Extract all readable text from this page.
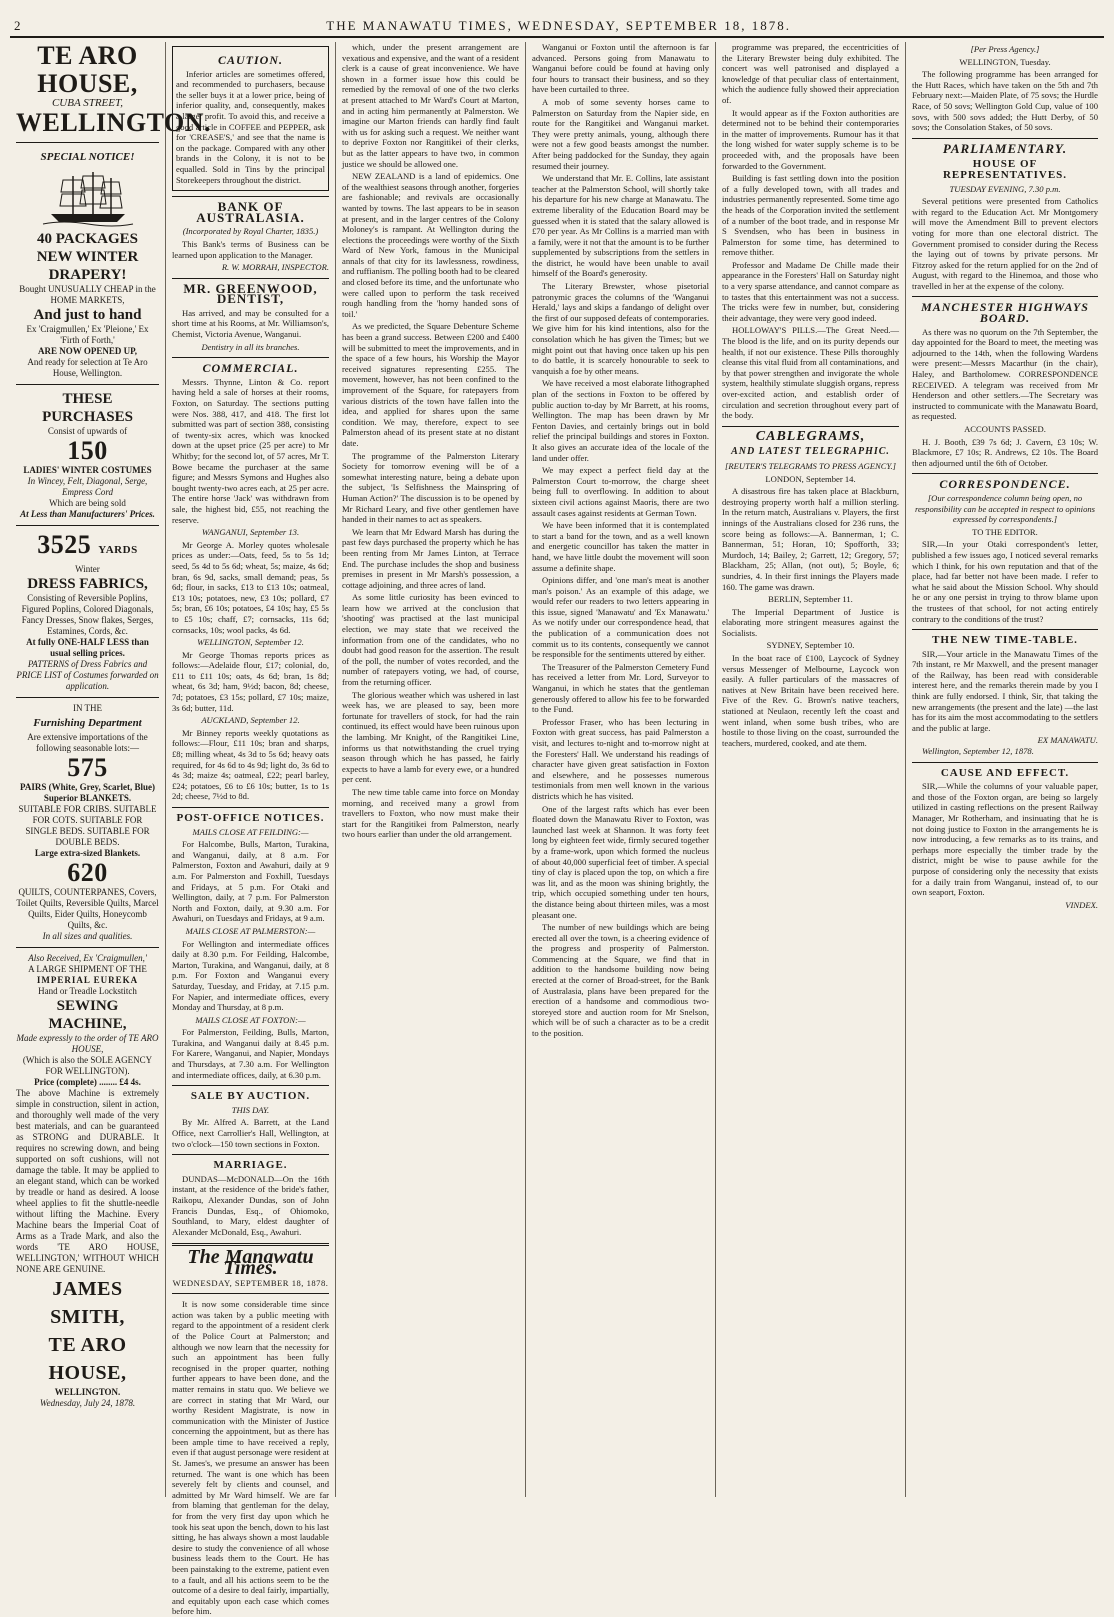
2	THE MANAWATU TIMES, WEDNESDAY, SEPTEMBER 18, 1878.

TE ARO HOUSE,
CUBA STREET,
WELLINGTON.
SPECIAL NOTICE!
40 PACKAGES
NEW WINTER DRAPERY!
Bought UNUSUALLY CHEAP in the HOME MARKETS,
And just to hand
Ex 'Craigmullen,' Ex 'Pleione,' Ex 'Firth of Forth,'
ARE NOW OPENED UP,
And ready for selection at Te Aro House, Wellington.
THESE PURCHASES
Consist of upwards of
150
LADIES' WINTER COSTUMES
In Wincey, Felt, Diagonal, Serge, Empress Cord
Which are being sold
At Less than Manufacturers' Prices.
3525 YARDS
Winter
DRESS FABRICS,
Consisting of Reversible Poplins, Figured Poplins, Colored Diagonals, Fancy Dresses, Snow flakes, Serges, Estamines, Cords, &c.
At fully ONE-HALF LESS than usual selling prices.
PATTERNS of Dress Fabrics and PRICE LIST of Costumes forwarded on application.
IN THE
Furnishing Department
Are extensive importations of the following seasonable lots:—
575
PAIRS (White, Grey, Scarlet, Blue) Superior BLANKETS.
SUITABLE FOR CRIBS. SUITABLE FOR COTS. SUITABLE FOR SINGLE BEDS. SUITABLE FOR DOUBLE BEDS.
Large extra-sized Blankets.
620
QUILTS, COUNTERPANES, Covers, Toilet Quilts, Reversible Quilts, Marcel Quilts, Eider Quilts, Honeycomb Quilts, &c.
In all sizes and qualities.
Also Received, Ex 'Craigmullen,'
A LARGE SHIPMENT OF THE
IMPERIAL EUREKA
Hand or Treadle Lockstitch
SEWING MACHINE,
Made expressly to the order of TE ARO HOUSE,
(Which is also the SOLE AGENCY FOR WELLINGTON).
Price (complete) ........ £4 4s.
The above Machine is extremely simple in construction, silent in action, and thoroughly well made of the very best materials, and can be guaranteed as STRONG and DURABLE. It requires no screwing down, and being supported on soft cushions, will not damage the table. It may be applied to an elegant stand, which can be worked by treadle or hand as desired. A loose wheel applies to fit the shuttle-needle without lifting the Machine. Every Machine bears the Imperial Coat of Arms as a Trade Mark, and also the words 'TE ARO HOUSE, WELLINGTON,' WITHOUT WHICH NONE ARE GENUINE.
JAMES SMITH,
TE ARO HOUSE,
WELLINGTON.
Wednesday, July 24, 1878.
CAUTION.
Inferior articles are sometimes offered, and recommended to purchasers, because the seller buys it at a lower price, being of inferior quality, and, consequently, makes a larger profit. To avoid this, and receive a good article in COFFEE and PEPPER, ask for 'CREASE'S,' and see that the name is on the package. Compared with any other brands in the Colony, it is not to be equalled. Sold in Tins by the principal Storekeepers throughout the district.
BANK OF AUSTRALASIA.
(Incorporated by Royal Charter, 1835.)
This Bank's terms of Business can be learned upon application to the Manager.
R. W. MORRAH, INSPECTOR.
MR. GREENWOOD, DENTIST,
Has arrived, and may be consulted for a short time at his Rooms, at Mr. Williamson's, Chemist, Victoria Avenue, Wanganui.
Dentistry in all its branches.
COMMERCIAL.
Messrs. Thynne, Linton & Co. report having held a sale of horses at their rooms, Foxton, on Saturday. The sections putting were Nos. 388, 417, and 418. The first lot submitted was part of section 388, consisting of twenty-six acres, which was knocked down at the upset price (25 per acre) to Mr Whitby; for the second lot, of 57 acres, Mr T. Bowe became the purchaser at the same figure; and Messrs Symons and Hughes also bought twenty-two acres each, at 25 per acre. The entire horse 'Jack' was withdrawn from sale, the highest bid, £55, not reaching the reserve.
WANGANUI, September 13.
Mr George A. Morley quotes wholesale prices as under:—Oats, feed, 5s to 5s 1d; seed, 5s 4d to 5s 6d; wheat, 5s; maize, 4s 6d; bran, 6s 9d, sacks, small demand; peas, 5s 6d; flour, in sacks, £13 to £13 10s; oatmeal, £13 10s; potatoes, new, £3 10s; pollard, £7 5s; bran, £6 10s; potatoes, £4 10s; hay, £5 5s to £5 10s; chaff, £7; cornsacks, 11s 6d; cornsacks, 10s; wool packs, 4s 6d.
WELLINGTON, September 12.
Mr George Thomas reports prices as follows:—Adelaide flour, £17; colonial, do, £11 to £11 10s; oats, 4s 6d; bran, 1s 8d; wheat, 6s 3d; ham, 9½d; bacon, 8d; cheese, 7d; potatoes, £3 15s; pollard, £7 10s; maize, 3s 6d; butter, 11d.
AUCKLAND, September 12.
Mr Binney reports weekly quotations as follows:—Flour, £11 10s; bran and sharps, £8; milling wheat, 4s 3d to 5s 6d; heavy oats required, for 4s 6d to 4s 9d; light do, 3s 6d to 4s 3d; maize 4s; oatmeal, £22; pearl barley, £24; potatoes, £6 to £6 10s; butter, 1s to 1s 2d; cheese, 7½d to 8d.
POST-OFFICE NOTICES.
MAILS CLOSE AT FEILDING:—
For Halcombe, Bulls, Marton, Turakina, and Wanganui, daily, at 8 a.m. For Palmerston, Foxton and Awahuri, daily at 9 a.m. For Palmerston and Foxhill, Tuesdays and Fridays, at 5 p.m. For Otaki and Wellington, daily, at 7 p.m. For Palmerston North and Foxton, daily, at 9.30 a.m. For Awahuri, on Tuesdays and Fridays, at 9 a.m.
MAILS CLOSE AT PALMERSTON:—
For Wellington and intermediate offices daily at 8.30 p.m. For Feilding, Halcombe, Marton, Turakina, and Wanganui, daily, at 8 p.m. For Foxton and Wanganui every Saturday, Tuesday, and Friday, at 7.15 p.m. For Napier, and intermediate offices, every Monday and Thursday, at 8 p.m.
MAILS CLOSE AT FOXTON:—
For Palmerston, Feilding, Bulls, Marton, Turakina, and Wanganui daily at 8.45 p.m. For Karere, Wanganui, and Napier, Mondays and Thursdays, at 7.30 a.m. For Wellington and intermediate offices, daily, at 6.30 p.m.
SALE BY AUCTION.
THIS DAY.
By Mr. Alfred A. Barrett, at the Land Office, next Carrollier's Hall, Wellington, at two o'clock—150 town sections in Foxton.
MARRIAGE.
DUNDAS—McDONALD—On the 16th instant, at the residence of the bride's father, Raikopu, Alexander Dundas, son of John Francis Dundas, Esq., of Ohiomoko, Southland, to Mary, eldest daughter of Alexander McDonald, Esq., Awahuri.
The Manawatu Times.
WEDNESDAY, SEPTEMBER 18, 1878.
It is now some considerable time since action was taken by a public meeting with regard to the appointment of a resident clerk of the Police Court at Palmerston; and although we now learn that the necessity for such an appointment has been fully recognised in the proper quarter, nothing further appears to have been done, and the matter remains in statu quo. We believe we are correct in stating that Mr Ward, our worthy Resident Magistrate, is now in communication with the Minister of Justice concerning the appointment, but as there has been ample time to have received a reply, even if that august personage were resident at St. James's, we presume an answer has been returned. The want is one which has been severely felt by clients and counsel, and admitted by Mr Ward himself. We are far from blaming that gentleman for the delay, for from the very first day upon which he took his seat upon the bench, down to his last sitting, he has always shown a most laudable desire to study the convenience of all whose business leads them to the Court. He has been painstaking to the extreme, patient even to a fault, and all his actions seem to be the outcome of a desire to deal fairly, impartially, and equitably upon each case which comes before him.
which, under the present arrangement are vexatious and expensive, and the want of a resident clerk is a cause of great inconvenience. We have shown in a former issue how this could be remedied by the removal of one of the two clerks at present attached to Mr Ward's Court at Marton, and in acting him permanently at Palmerston. We imagine our Marton friends can hardly find fault with us for asking such a request. We neither want to deprive Foxton nor Rangitikei of their clerks, but as the latter appears to have two, in common justice we should be allowed one.
NEW ZEALAND is a land of epidemics. One of the wealthiest seasons through another, forgeries are fashionable; and revivals are occasionally wanted by towns. The last appears to be in season at present, and in the larger centres of the Colony Moloney's is rampant. At Wellington during the elections the proceedings were worthy of the Sixth Ward of New York, famous in the Municipal annals of that city for its lawlessness, rowdiness, and ruffianism. The polling booth had to be cleared and closed before its time, and the unfortunate who were called upon to perform the task received rough handling from the 'horny handed sons of toil.'
As we predicted, the Square Debenture Scheme has been a grand success. Between £200 and £400 will be submitted to meet the improvements, and in the space of a few hours, his Worship the Mayor received signatures representing £255. The movement, however, has not been confined to the improvement of the Square, for ratepayers from various districts of the town have fallen into the idea, and applied for shares upon the same condition. We may, therefore, expect to see Palmerston ahead of its present state at no distant date.
The programme of the Palmerston Literary Society for tomorrow evening will be of a somewhat interesting nature, being a debate upon the subject, 'Is Selfishness the Mainspring of Human Action?' The discussion is to be opened by Mr Richard Leary, and five other gentlemen have handed in their names to act as speakers.
We learn that Mr Edward Marsh has during the past few days purchased the property which he has been renting from Mr James Linton, at Terrace End. The purchase includes the shop and business premises in present in Mr Marsh's possession, a cottage adjoining, and three acres of land.
As some little curiosity has been evinced to learn how we arrived at the conclusion that 'shooting' was practised at the last municipal election, we may state that we received the information from one of the candidates, who no doubt had good reason for the assertion. The result of the poll, the number of votes recorded, and the number of ratepayers voting, we had, of course, from the returning officer.
The glorious weather which was ushered in last week has, we are pleased to say, been more fortunate for travellers of stock, for had the rain continued, its effect would have been ruinous upon the lambing. Mr Knight, of the Rangitikei Line, informs us that notwithstanding the cruel trying season through which he has passed, he fairly expects to have a lamb for every ewe, or a hundred per cent.
The new time table came into force on Monday morning, and received many a growl from travellers to Foxton, who now must make their start for the Rangitikei from Palmerston, nearly two hours earlier than under the old arrangement.
Wanganui or Foxton until the afternoon is far advanced. Persons going from Manawatu to Wanganui before could be found at having only four hours to transact their business, and so they have been curtailed to three.
A mob of some seventy horses came to Palmerston on Saturday from the Napier side, en route for the Rangitikei and Wanganui market. They were pretty animals, young, although there were not a few good beasts amongst the number. After being paddocked for the Sunday, they again resumed their journey.
We understand that Mr. E. Collins, late assistant teacher at the Palmerston School, will shortly take his departure for his new charge at Manawatu. The extreme liberality of the Education Board may be guessed when it is stated that the salary allowed is £70 per year. As Mr Collins is a married man with a family, were it not that the amount is to be further supplemented by subscriptions from the settlers in the district, he would have been unable to avail himself of the Board's generosity.
The Literary Brewster, whose pisetorial patronymic graces the columns of the 'Wanganui Herald,' lays and skips a fandango of delight over the first of our supposed defeats of contemporaries. We give him for his kind intentions, also for the consolation which he has given the Times; but we might point out that having once taken up his pen to do battle, it is scarcely honourable to seek to vanquish a foe by other means.
We have received a most elaborate lithographed plan of the sections in Foxton to be offered by public auction to-day by Mr Barrett, at his rooms, Wellington. The map has been drawn by Mr Fenton Davies, and certainly brings out in bold relief the principal buildings and stores in Foxton. It also gives an accurate idea of the locale of the land under offer.
We may expect a perfect field day at the Palmerston Court to-morrow, the charge sheet being full to overflowing. In addition to about sixteen civil actions against Maoris, there are two assault cases against residents at German Town.
We have been informed that it is contemplated to start a band for the town, and as a well known and energetic councillor has taken the matter in hand, we have little doubt the movement will soon assume a definite shape.
Opinions differ, and 'one man's meat is another man's poison.' As an example of this adage, we would refer our readers to two letters appearing in this issue, signed 'Manawatu' and 'Ex Manawatu.' As we notify under our correspondence head, that the publication of a communication does not commit us to its contents, consequently we cannot be responsible for the sentiments uttered by either.
The Treasurer of the Palmerston Cemetery Fund has received a letter from Mr. Lord, Surveyor to Wanganui, in which he states that the gentleman generously offered to allow his fee to be forwarded to the Fund.
Professor Fraser, who has been lecturing in Foxton with great success, has paid Palmerston a visit, and lectures to-night and to-morrow night at the Foresters' Hall. We understand his readings of character have given great satisfaction in Foxton and elsewhere, and he possesses numerous testimonials from men well known in the various districts which he has visited.
One of the largest rafts which has ever been floated down the Manawatu River to Foxton, was launched last week at Shannon. It was forty feet long by eighteen feet wide, firmly secured together by a frame-work, upon which formed the nucleus of about 40,000 superficial feet of timber. A special tiny of clay is placed upon the top, on which a fire was lit, and as the moon was shining brightly, the trip, which occupied something under ten hours, the distance being about thirteen miles, was a most pleasant one.
The number of new buildings which are being erected all over the town, is a cheering evidence of the progress and prosperity of Palmerston. Commencing at the Square, we find that in addition to the handsome building now being erected at the corner of Broad-street, for the Bank of Australasia, plans have been prepared for the erection of a handsome and commodious two-storeyed store and auction room for Mr Snelson, which will be of such a character as to be a credit to the position.
programme was prepared, the eccentricities of the Literary Brewster being duly exhibited. The concert was well patronised and displayed a knowledge of that peculiar class of entertainment, which the audience fully showed their appreciation of.
It would appear as if the Foxton authorities are determined not to be behind their contemporaries in the matter of improvements. Rumour has it that the long wished for water supply scheme is to be proceeded with, and the proposals have been forwarded to the Government.
Building is fast settling down into the position of a fully developed town, with all trades and industries permanently represented. Some time ago the heads of the Corporation invited the settlement of a number of the boot trade, and in response Mr S Svendsen, who has been in business in Palmerston for some time, has determined to remove thither.
Professor and Madame De Chille made their appearance in the Foresters' Hall on Saturday night to a very sparse attendance, and cannot compare as to tastes that this entertainment was not a success. The tricks were few in number, but, considering their advantage, they were very good indeed.
HOLLOWAY'S PILLS.—The Great Need.—The blood is the life, and on its purity depends our health, if not our existence. These Pills thoroughly cleanse this vital fluid from all contaminations, and by that power strengthen and invigorate the whole system, healthily stimulate sluggish organs, repress over-excited action, and establish order of circulation and secretion throughout every part of the body.
CABLEGRAMS,
AND LATEST TELEGRAPHIC.
[REUTER'S TELEGRAMS TO PRESS AGENCY.]
LONDON, September 14.
A disastrous fire has taken place at Blackburn, destroying property worth half a million sterling. In the return match, Australians v. Players, the first innings of the Australians closed for 236 runs, the score being as follows:—A. Bannerman, 1; C. Bannerman, 51; Horan, 10; Spofforth, 33; Murdoch, 14; Bailey, 2; Garrett, 12; Gregory, 57; Blackham, 25; Allan, (not out), 5; Boyle, 6; sundries, 4. In their first innings the Players made 160. The game was drawn.
BERLIN, September 11.
The Imperial Department of Justice is elaborating more stringent measures against the Socialists.
SYDNEY, September 10.
In the boat race of £100, Laycock of Sydney versus Messenger of Melbourne, Laycock won easily. A fuller particulars of the massacres of natives at New Britain have been received here. Five of the Rev. G. Brown's native teachers, stationed at Neulaon, recently left the coast and went inland, when some bush tribes, who are hostile to those living on the coast, surrounded the teachers, murdered, cooked, and ate them.
[Per Press Agency.]
WELLINGTON, Tuesday.
The following programme has been arranged for the Hutt Races, which have taken on the 5th and 7th February next:—Maiden Plate, of 75 sovs; the Hurdle Race, of 50 sovs; Wellington Gold Cup, value of 100 sovs, with 500 sovs added; the Hutt Derby, of 50 sovs; the Consolation Stakes, of 50 sovs.
PARLIAMENTARY.
HOUSE OF REPRESENTATIVES.
TUESDAY EVENING, 7.30 p.m.
Several petitions were presented from Catholics with regard to the Education Act. Mr Montgomery will move the Amendment Bill to prevent electors voting for more than one electoral district. The Government promised to consider during the Recess the laying out of towns by private persons. Mr Fitzroy asked for the return applied for on the 2nd of August, with regard to the Hinemoa, and those who travelled in her at the expense of the colony.
MANCHESTER HIGHWAYS BOARD.
As there was no quorum on the 7th September, the day appointed for the Board to meet, the meeting was adjourned to the 14th, when the following Wardens were present:—Messrs Macarthur (in the chair), Haley, and Bartholomew. CORRESPONDENCE RECEIVED. A telegram was received from Mr Henderson and other settlers.—The Secretary was instructed to communicate with the Manawatu Board, as requested.
ACCOUNTS PASSED.
H. J. Booth, £39 7s 6d; J. Cavern, £3 10s; W. Blackmore, £7 10s; R. Andrews, £2 10s. The Board then adjourned until the 6th of October.
CORRESPONDENCE.
[Our correspondence column being open, no responsibility can be accepted in respect to opinions expressed by correspondents.]
TO THE EDITOR.
SIR,—In your Otaki correspondent's letter, published a few issues ago, I noticed several remarks which I think, for his own reputation and that of the place, had far better not have been made. I refer to what he said about the Mission School. Why should he or any one persist in trying to throw blame upon the trustees of that school, for not acting entirely contrary to the conditions of the trust?
THE NEW TIME-TABLE.
SIR,—Your article in the Manawatu Times of the 7th instant, re Mr Maxwell, and the present manager of the Railway, has been read with considerable interest here, and the remarks therein made by you I think are fully endorsed. I think, Sir, that taking the new arrangements (the present and the late) —the last has for its aim the most accommodating to the settlers and the public at large.
EX MANAWATU.
Wellington, September 12, 1878.
CAUSE AND EFFECT.
SIR,—While the columns of your valuable paper, and those of the Foxton organ, are being so largely utilized in casting reflections on the present Railway Manager, Mr Rotherham, and insinuating that he is not doing justice to Foxton in the arrangements he is now introducing, a few remarks as to its trains, and perhaps more especially the timber trade by the district, might be wise to pause awhile for the purpose of considering only the necessity that exists for a daily train from Wanganui, instead of, to our own seaport, Foxton.
VINDEX.
